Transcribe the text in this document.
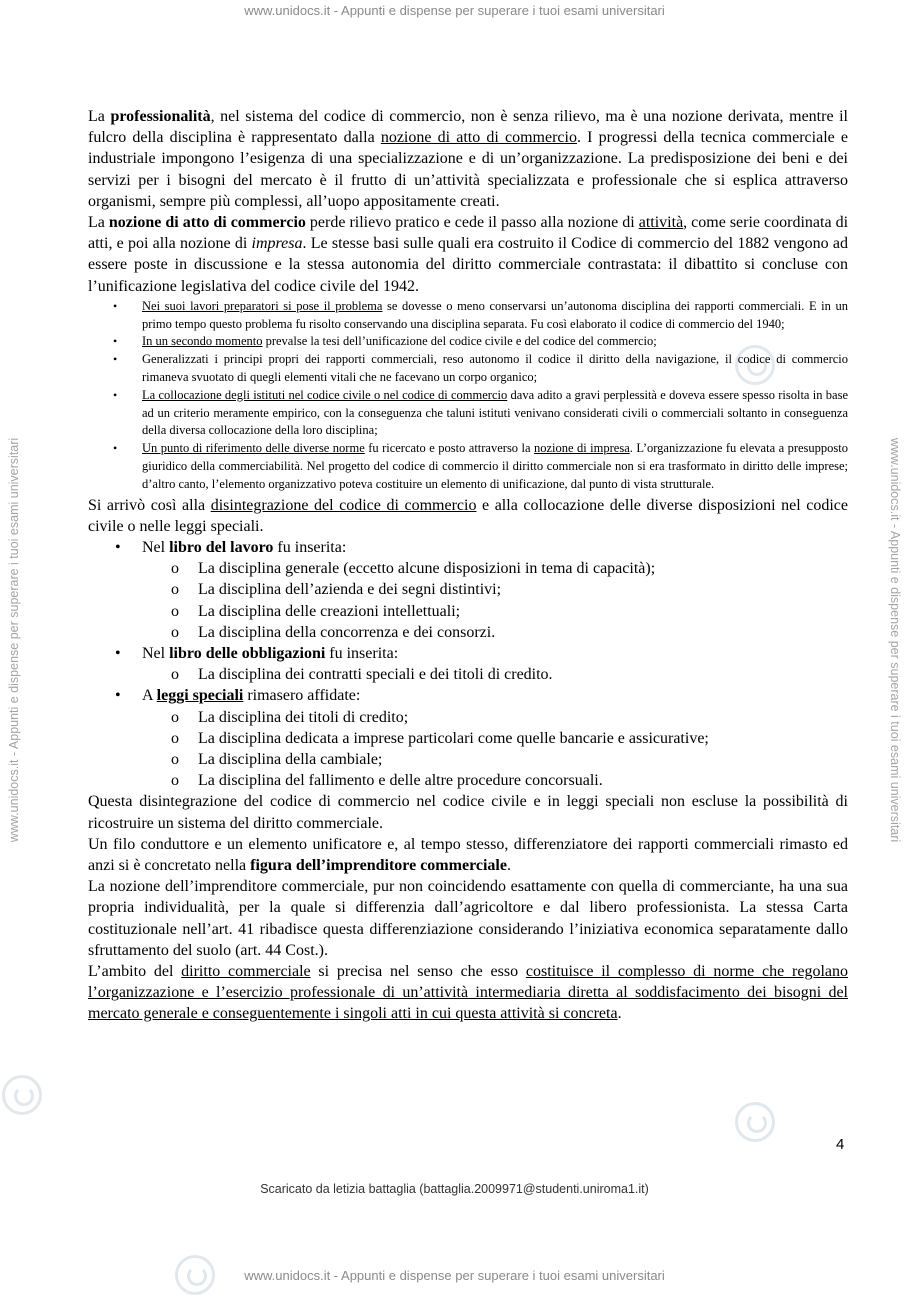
www.unidocs.it - Appunti e dispense per superare i tuoi esami universitari
www.unidocs.it - Appunti e dispense per superare i tuoi esami universitari
www.unidocs.it - Appunti e dispense per superare i tuoi esami universitari	www.unidocs.it - Appunti e dispense per superare i tuoi esami universitari

La professionalità, nel sistema del codice di commercio, non è senza rilievo, ma è una nozione derivata, mentre il fulcro della disciplina è rappresentato dalla nozione di atto di commercio. I progressi della tecnica commerciale e industriale impongono l’esigenza di una specializzazione e di un’organizzazione. La predisposizione dei beni e dei servizi per i bisogni del mercato è il frutto di un’attività specializzata e professionale che si esplica attraverso organismi, sempre più complessi, all’uopo appositamente creati.

La nozione di atto di commercio perde rilievo pratico e cede il passo alla nozione di attività, come serie coordinata di atti, e poi alla nozione di impresa. Le stesse basi sulle quali era costruito il Codice di commercio del 1882 vengono ad essere poste in discussione e la stessa autonomia del diritto commerciale contrastata: il dibattito si concluse con l’unificazione legislativa del codice civile del 1942.

• Nei suoi lavori preparatori si pose il problema se dovesse o meno conservarsi un’autonoma disciplina dei rapporti commerciali. E in un primo tempo questo problema fu risolto conservando una disciplina separata. Fu così elaborato il codice di commercio del 1940;
• In un secondo momento prevalse la tesi dell’unificazione del codice civile e del codice del commercio;
• Generalizzati i principi propri dei rapporti commerciali, reso autonomo il codice il diritto della navigazione, il codice di commercio rimaneva svuotato di quegli elementi vitali che ne facevano un corpo organico;
• La collocazione degli istituti nel codice civile o nel codice di commercio dava adito a gravi perplessità e doveva essere spesso risolta in base ad un criterio meramente empirico, con la conseguenza che taluni istituti venivano considerati civili o commerciali soltanto in conseguenza della diversa collocazione della loro disciplina;
• Un punto di riferimento delle diverse norme fu ricercato e posto attraverso la nozione di impresa. L’organizzazione fu elevata a presupposto giuridico della commerciabilità. Nel progetto del codice di commercio il diritto commerciale non si era trasformato in diritto delle imprese; d’altro canto, l’elemento organizzativo poteva costituire un elemento di unificazione, dal punto di vista strutturale.

Si arrivò così alla disintegrazione del codice di commercio e alla collocazione delle diverse disposizioni nel codice civile o nelle leggi speciali.

• Nel libro del lavoro fu inserita:
o La disciplina generale (eccetto alcune disposizioni in tema di capacità);
o La disciplina dell’azienda e dei segni distintivi;
o La disciplina delle creazioni intellettuali;
o La disciplina della concorrenza e dei consorzi.
• Nel libro delle obbligazioni fu inserita:
o La disciplina dei contratti speciali e dei titoli di credito.
• A leggi speciali rimasero affidate:
o La disciplina dei titoli di credito;
o La disciplina dedicata a imprese particolari come quelle bancarie e assicurative;
o La disciplina della cambiale;
o La disciplina del fallimento e delle altre procedure concorsuali.

Questa disintegrazione del codice di commercio nel codice civile e in leggi speciali non escluse la possibilità di ricostruire un sistema del diritto commerciale.

Un filo conduttore e un elemento unificatore e, al tempo stesso, differenziatore dei rapporti commerciali rimasto ed anzi si è concretato nella figura dell’imprenditore commerciale.

La nozione dell’imprenditore commerciale, pur non coincidendo esattamente con quella di commerciante, ha una sua propria individualità, per la quale si differenzia dall’agricoltore e dal libero professionista. La stessa Carta costituzionale nell’art. 41 ribadisce questa differenziazione considerando l’iniziativa economica separatamente dallo sfruttamento del suolo (art. 44 Cost.).

L’ambito del diritto commerciale si precisa nel senso che esso costituisce il complesso di norme che regolano l’organizzazione e l’esercizio professionale di un’attività intermediaria diretta al soddisfacimento dei bisogni del mercato generale e conseguentemente i singoli atti in cui questa attività si concreta.

4
Scaricato da letizia battaglia (battaglia.2009971@studenti.uniroma1.it)
